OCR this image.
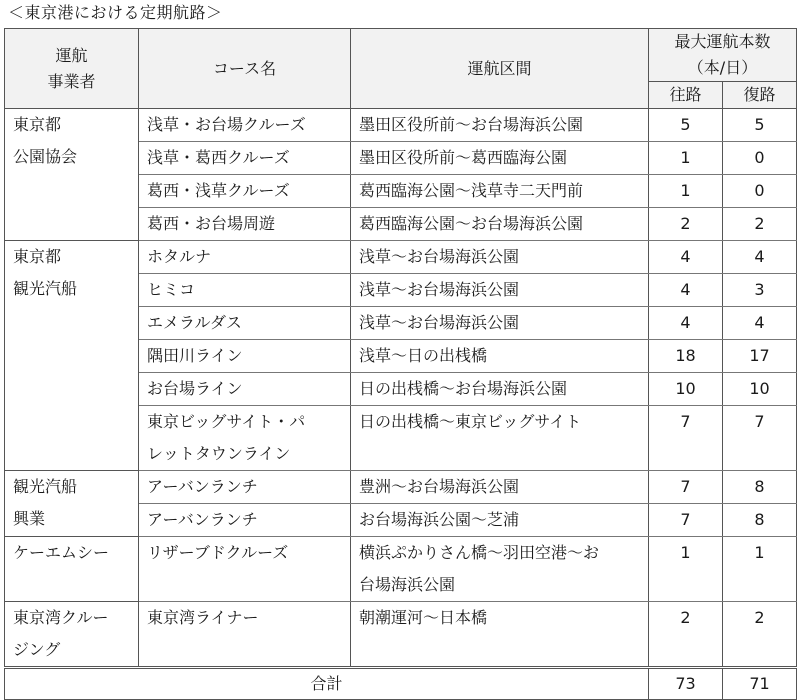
＜東京港における定期航路＞
運航
事業者	コース名	運航区間	最大運航本数
（本/日）	

			往路	復路

東京都
公園協会	浅草・お台場クルーズ	墨田区役所前〜お台場海浜公園	5	5

	浅草・葛西クルーズ	墨田区役所前〜葛西臨海公園	1	0

	葛西・浅草クルーズ	葛西臨海公園〜浅草寺二天門前	1	0

	葛西・お台場周遊	葛西臨海公園〜お台場海浜公園	2	2

東京都
観光汽船	ホタルナ	浅草〜お台場海浜公園	4	4

	ヒミコ	浅草〜お台場海浜公園	4	3

	エメラルダス	浅草〜お台場海浜公園	4	4

	隅田川ライン	浅草〜日の出桟橋	18	17

	お台場ライン	日の出桟橋〜お台場海浜公園	10	10

	東京ビッグサイト・パ
レットタウンライン	日の出桟橋〜東京ビッグサイト	7	7

観光汽船
興業	アーバンランチ	豊洲〜お台場海浜公園	7	8

	アーバンランチ	お台場海浜公園〜芝浦	7	8

ケーエムシー	リザーブドクルーズ	横浜ぷかりさん橋〜羽田空港〜お
台場海浜公園	1	1

東京湾クルー
ジング	東京湾ライナー	朝潮運河〜日本橋	2	2
合計			73	71
